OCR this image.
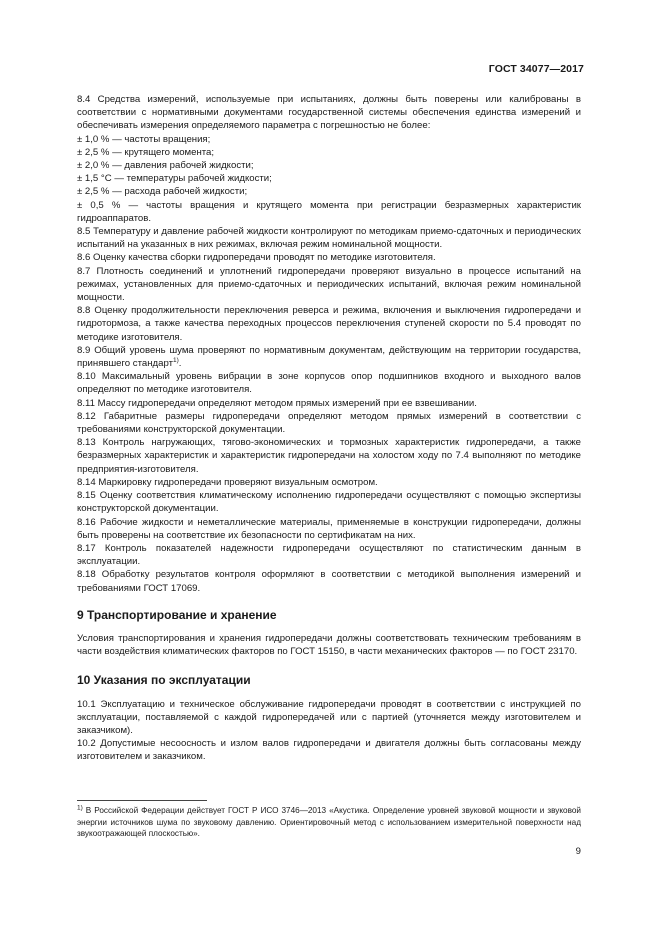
ГОСТ 34077—2017

8.4 Средства измерений, используемые при испытаниях, должны быть поверены или калиброваны в соответствии с нормативными документами государственной системы обеспечения единства измерений и обеспечивать измерения определяемого параметра с погрешностью не более:

± 1,0 % — частоты вращения;

± 2,5 % — крутящего момента;

± 2,0 % — давления рабочей жидкости;

± 1,5 °С — температуры рабочей жидкости;

± 2,5 % — расхода рабочей жидкости;

± 0,5 % — частоты вращения и крутящего момента при регистрации безразмерных характеристик гидроаппаратов.

8.5 Температуру и давление рабочей жидкости контролируют по методикам приемо-сдаточных и периодических испытаний на указанных в них режимах, включая режим номинальной мощности.

8.6 Оценку качества сборки гидропередачи проводят по методике изготовителя.

8.7 Плотность соединений и уплотнений гидропередачи проверяют визуально в процессе испытаний на режимах, установленных для приемо-сдаточных и периодических испытаний, включая режим номинальной мощности.

8.8 Оценку продолжительности переключения реверса и режима, включения и выключения гидропередачи и гидротормоза, а также качества переходных процессов переключения ступеней скорости по 5.4 проводят по методике изготовителя.

8.9 Общий уровень шума проверяют по нормативным документам, действующим на территории государства, принявшего стандарт$^{1)}$.

8.10 Максимальный уровень вибрации в зоне корпусов опор подшипников входного и выходного валов определяют по методике изготовителя.

8.11 Массу гидропередачи определяют методом прямых измерений при ее взвешивании.

8.12 Габаритные размеры гидропередачи определяют методом прямых измерений в соответствии с требованиями конструкторской документации.

8.13 Контроль нагружающих, тягово-экономических и тормозных характеристик гидропередачи, а также безразмерных характеристик и характеристик гидропередачи на холостом ходу по 7.4 выполняют по методике предприятия-изготовителя.

8.14 Маркировку гидропередачи проверяют визуальным осмотром.

8.15 Оценку соответствия климатическому исполнению гидропередачи осуществляют с помощью экспертизы конструкторской документации.

8.16 Рабочие жидкости и неметаллические материалы, применяемые в конструкции гидропередачи, должны быть проверены на соответствие их безопасности по сертификатам на них.

8.17 Контроль показателей надежности гидропередачи осуществляют по статистическим данным в эксплуатации.

8.18 Обработку результатов контроля оформляют в соответствии с методикой выполнения измерений и требованиями ГОСТ 17069.

9 Транспортирование и хранение

Условия транспортирования и хранения гидропередачи должны соответствовать техническим требованиям в части воздействия климатических факторов по ГОСТ 15150, в части механических факторов — по ГОСТ 23170.

10 Указания по эксплуатации

10.1 Эксплуатацию и техническое обслуживание гидропередачи проводят в соответствии с инструкцией по эксплуатации, поставляемой с каждой гидропередачей или с партией (уточняется между изготовителем и заказчиком).

10.2 Допустимые несоосность и излом валов гидропередачи и двигателя должны быть согласованы между изготовителем и заказчиком.

$^{1)}$ В Российской Федерации действует ГОСТ Р ИСО 3746—2013 «Акустика. Определение уровней звуковой мощности и звуковой энергии источников шума по звуковому давлению. Ориентировочный метод с использованием измерительной поверхности над звукоотражающей плоскостью».
9
